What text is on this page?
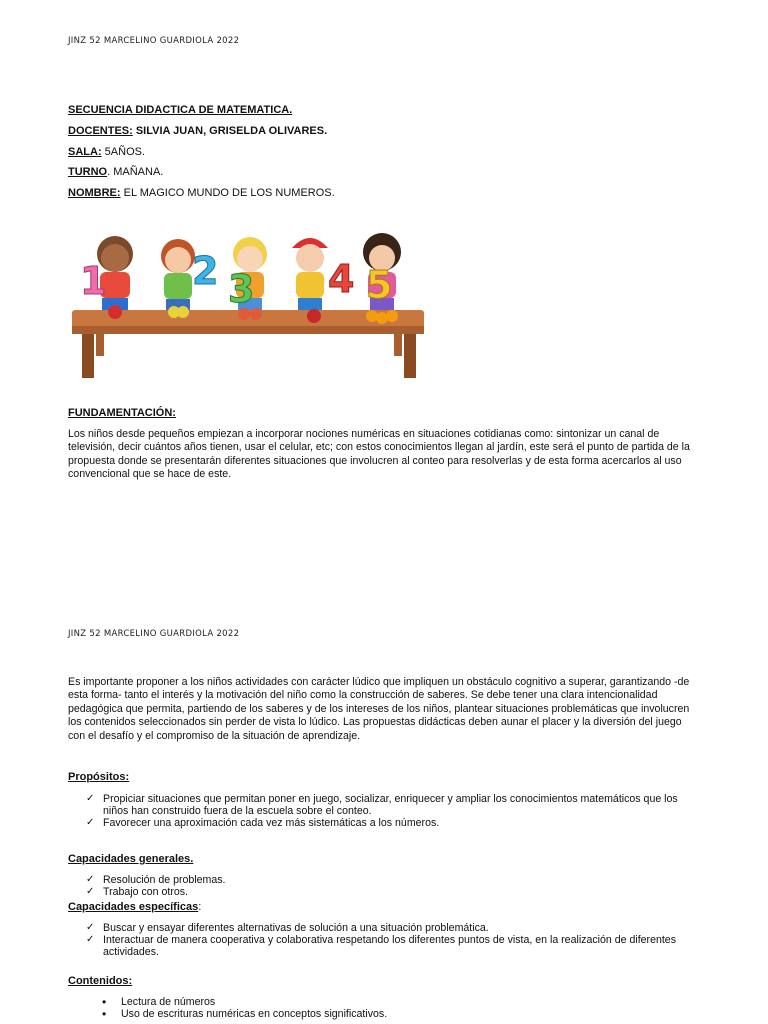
JINZ 52 MARCELINO GUARDIOLA 2022
SECUENCIA DIDACTICA DE MATEMATICA.
DOCENTES: SILVIA JUAN, GRISELDA OLIVARES.
SALA: 5AÑOS.
TURNO. MAÑANA.
NOMBRE: EL MAGICO MUNDO DE LOS NUMEROS.
1 2 3 4 5
FUNDAMENTACIÓN:

Los niños desde pequeños empiezan a incorporar nociones numéricas en situaciones cotidianas como: sintonizar un canal de televisión, decir cuántos años tienen, usar el celular, etc; con estos conocimientos llegan al jardín, este será el punto de partida de la propuesta donde se presentarán diferentes situaciones que involucren al conteo para resolverlas y de esta forma acercarlos al uso convencional que se hace de este.

JINZ 52 MARCELINO GUARDIOLA 2022

Es importante proponer a los niños actividades con carácter lúdico que impliquen un obstáculo cognitivo a superar, garantizando -de esta forma- tanto el interés y la motivación del niño como la construcción de saberes. Se debe tener una clara intencionalidad pedagógica que permita, partiendo de los saberes y de los intereses de los niños, plantear situaciones problemáticas que involucren los contenidos seleccionados sin perder de vista lo lúdico. Las propuestas didácticas deben aunar el placer y la diversión del juego con el desafío y el compromiso de la situación de aprendizaje.

Propósitos:
✓ Propiciar situaciones que permitan poner en juego, socializar, enriquecer y ampliar los conocimientos matemáticos que los niños han construido fuera de la escuela sobre el conteo.
✓ Favorecer una aproximación cada vez más sistemáticas a los números.
Capacidades generales.
✓ Resolución de problemas.
✓ Trabajo con otros.
Capacidades específicas:
✓ Buscar y ensayar diferentes alternativas de solución a una situación problemática.
✓ Interactuar de manera cooperativa y colaborativa respetando los diferentes puntos de vista, en la realización de diferentes actividades.
Contenidos:
• Lectura de números
• Uso de escrituras numéricas en conceptos significativos.
